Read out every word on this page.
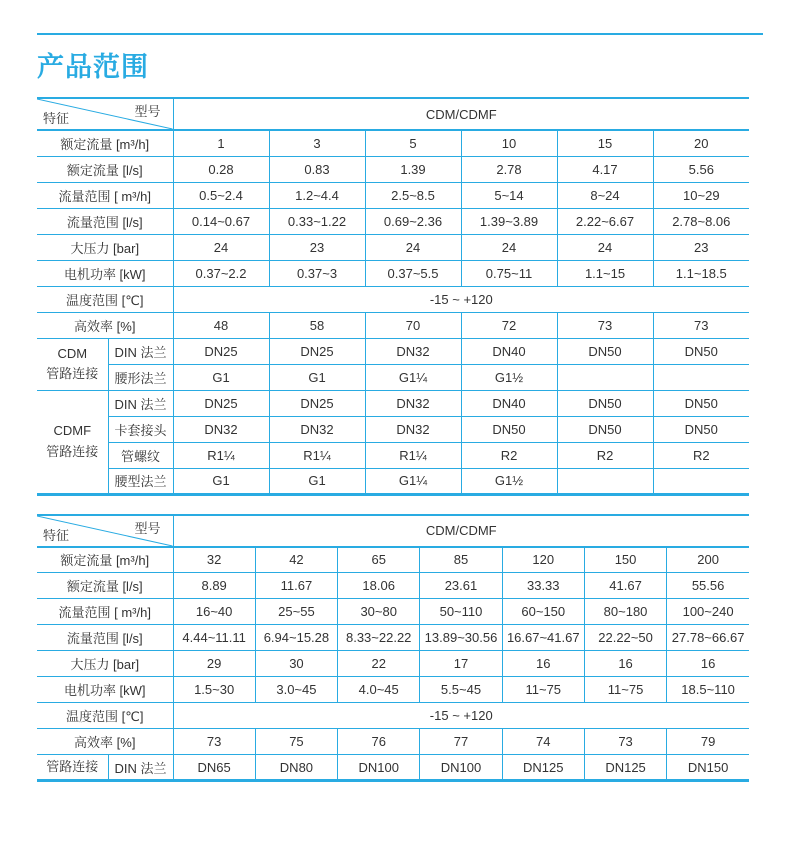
产品范围
型号
特征		CDM/CDMF					
额定流量 [m³/h]		1	3	5	10	15	20
额定流量 [l/s]		0.28	0.83	1.39	2.78	4.17	5.56
流量范围 [ m³/h]		0.5~2.4	1.2~4.4	2.5~8.5	5~14	8~24	10~29
流量范围 [l/s]		0.14~0.67	0.33~1.22	0.69~2.36	1.39~3.89	2.22~6.67	2.78~8.06
大压力 [bar]		24	23	24	24	24	23
电机功率 [kW]		0.37~2.2	0.37~3	0.37~5.5	0.75~11	1.1~15	1.1~18.5
温度范围 [℃]		-15 ~ +120					
高效率 [%]		48	58	70	72	73	73

CDM
管路连接	DIN 法兰	DN25	DN25	DN32	DN40	DN50	DN50
	腰形法兰	G1	G1	G1¼	G1½		

CDMF
管路连接	DIN 法兰	DN25	DN25	DN32	DN40	DN50	DN50
	卡套接头	DN32	DN32	DN32	DN50	DN50	DN50
	管螺纹	R1¼	R1¼	R1¼	R2	R2	R2
	腰型法兰	G1	G1	G1¼	G1½		
型号
特征		CDM/CDMF						
额定流量 [m³/h]		32	42	65	85	120	150	200
额定流量 [l/s]		8.89	11.67	18.06	23.61	33.33	41.67	55.56
流量范围 [ m³/h]		16~40	25~55	30~80	50~110	60~150	80~180	100~240
流量范围 [l/s]		4.44~11.11	6.94~15.28	8.33~22.22	13.89~30.56	16.67~41.67	22.22~50	27.78~66.67
大压力 [bar]		29	30	22	17	16	16	16
电机功率 [kW]		1.5~30	3.0~45	4.0~45	5.5~45	11~75	11~75	18.5~110
温度范围 [℃]		-15 ~ +120						
高效率 [%]		73	75	76	77	74	73	79

管路连接	DIN 法兰	DN65	DN80	DN100	DN100	DN125	DN125	DN150
